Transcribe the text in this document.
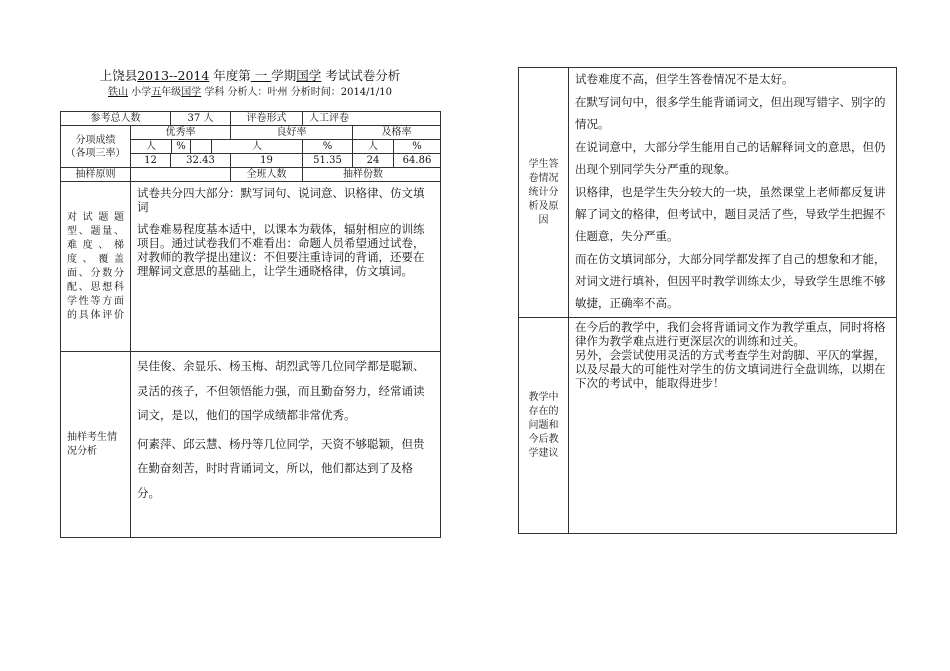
上饶县2013--2014 年度第 一 学期国学 考试试卷分析
铁山 小学五年级国学 学科 分析人：叶州 分析时间：2014/1/10
参考总人数		37 人		评卷形式	人工评卷	

分项成绩
（各项三率）	优秀率			良好率		及格率

	人 %		人		%	人 %

	12	32.43		19	51.35	24 64.86

抽样原则				全班人数	抽样份数	
对试题题型、题量、难度、梯度、覆盖面、分数分配、思想科学性等方面的具体评价	试卷共分四大部分：默写词句、说词意、识格律、仿文填词

试卷难易程度基本适中，以课本为载体，辐射相应的训练项目。通过试卷我们不难看出：命题人员希望通过试卷，对教师的教学提出建议：不但要注重诗词的背诵，还要在理解词文意思的基础上，让学生通晓格律，仿文填词。					

抽样考生情况分析	吴佳俊、余显乐、杨玉梅、胡烈武等几位同学都是聪颖、灵活的孩子，不但领悟能力强，而且勤奋努力，经常诵读词文，是以，他们的国学成绩都非常优秀。

何素萍、邱云慧、杨丹等几位同学，天资不够聪颖，但贵在勤奋刻苦，时时背诵词文，所以，他们都达到了及格分。					

学生答卷情况统计分析及原因	试卷难度不高，但学生答卷情况不是太好。

在默写词句中，很多学生能背诵词文，但出现写错字、别字的情况。

在说词意中，大部分学生能用自己的话解释词文的意思，但仍出现个别同学失分严重的现象。

识格律，也是学生失分较大的一块，虽然课堂上老师都反复讲解了词文的格律，但考试中，题目灵活了些，导致学生把握不住题意，失分严重。

而在仿文填词部分，大部分同学都发挥了自己的想象和才能，对词文进行填补，但因平时教学训练太少，导致学生思维不够敏捷，正确率不高。

教学中存在的问题和今后教学建议	在今后的教学中，我们会将背诵词文作为教学重点，同时将格律作为教学难点进行更深层次的训练和过关。

另外，会尝试使用灵活的方式考查学生对韵脚、平仄的掌握，以及尽最大的可能性对学生的仿文填词进行全盘训练，以期在下次的考试中，能取得进步！
